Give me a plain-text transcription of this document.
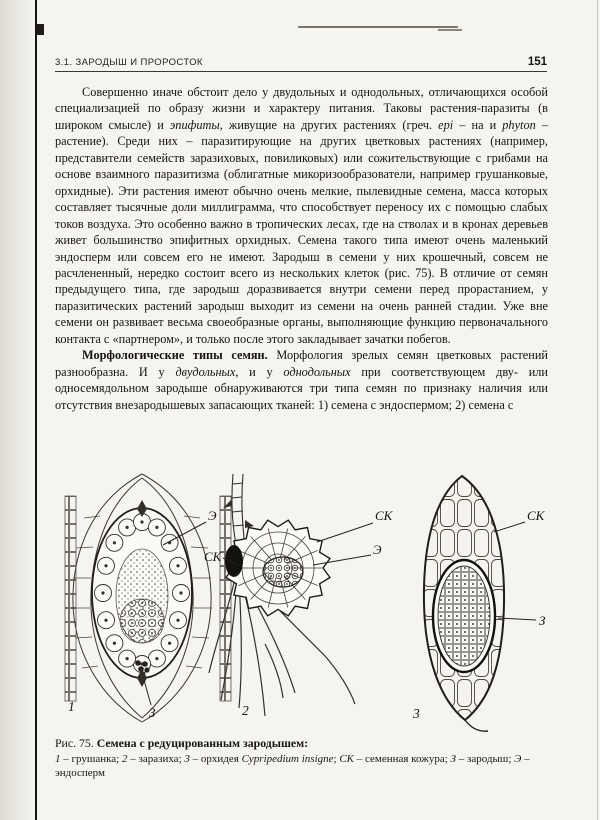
3.1. ЗАРОДЫШ И ПРОРОСТОК	151

Совершенно иначе обстоит дело у двудольных и однодольных, отличающихся особой специализацией по образу жизни и характеру питания. Таковы растения-паразиты (в широком смысле) и эпифиты, живущие на других растениях (греч. epi – на и phyton – растение). Среди них – паразитирующие на других цветковых растениях (например, представители семейств заразиховых, повиликовых) или сожительствующие с грибами на основе взаимного паразитизма (облигатные микоризообразователи, например грушанковые, орхидные). Эти растения имеют обычно очень мелкие, пылевидные семена, масса которых составляет тысячные доли миллиграмма, что способствует переносу их с помощью слабых токов воздуха. Это особенно важно в тропических лесах, где на стволах и в кронах деревьев живет большинство эпифитных орхидных. Семена такого типа имеют очень маленький эндосперм или совсем его не имеют. Зародыш в семени у них крошечный, совсем не расчлененный, нередко состоит всего из нескольких клеток (рис. 75). В отличие от семян предыдущего типа, где зародыш доразвивается внутри семени перед прорастанием, у паразитических растений зародыш выходит из семени на очень ранней стадии. Уже вне семени он развивает весьма своеобразные органы, выполняющие функцию первоначального контакта с «партнером», и только после этого закладывает зачатки побегов.

Морфологические типы семян. Морфология зрелых семян цветковых растений разнообразна. И у двудольных, и у однодольных при соответствующем дву- или односемядольном зародыше обнаруживаются три типа семян по признаку наличия или отсутствия внезародышевых запасающих тканей: 1) семена с эндоспермом; 2) семена с

Э
З
1
СК
СК
Э
2
СК
З
3
Рис. 75. Семена с редуцированным зародышем:
1 – грушанка; 2 – заразиха; 3 – орхидея Cypripedium insigne; СК – семенная кожура; З – зародыш; Э – эндосперм
